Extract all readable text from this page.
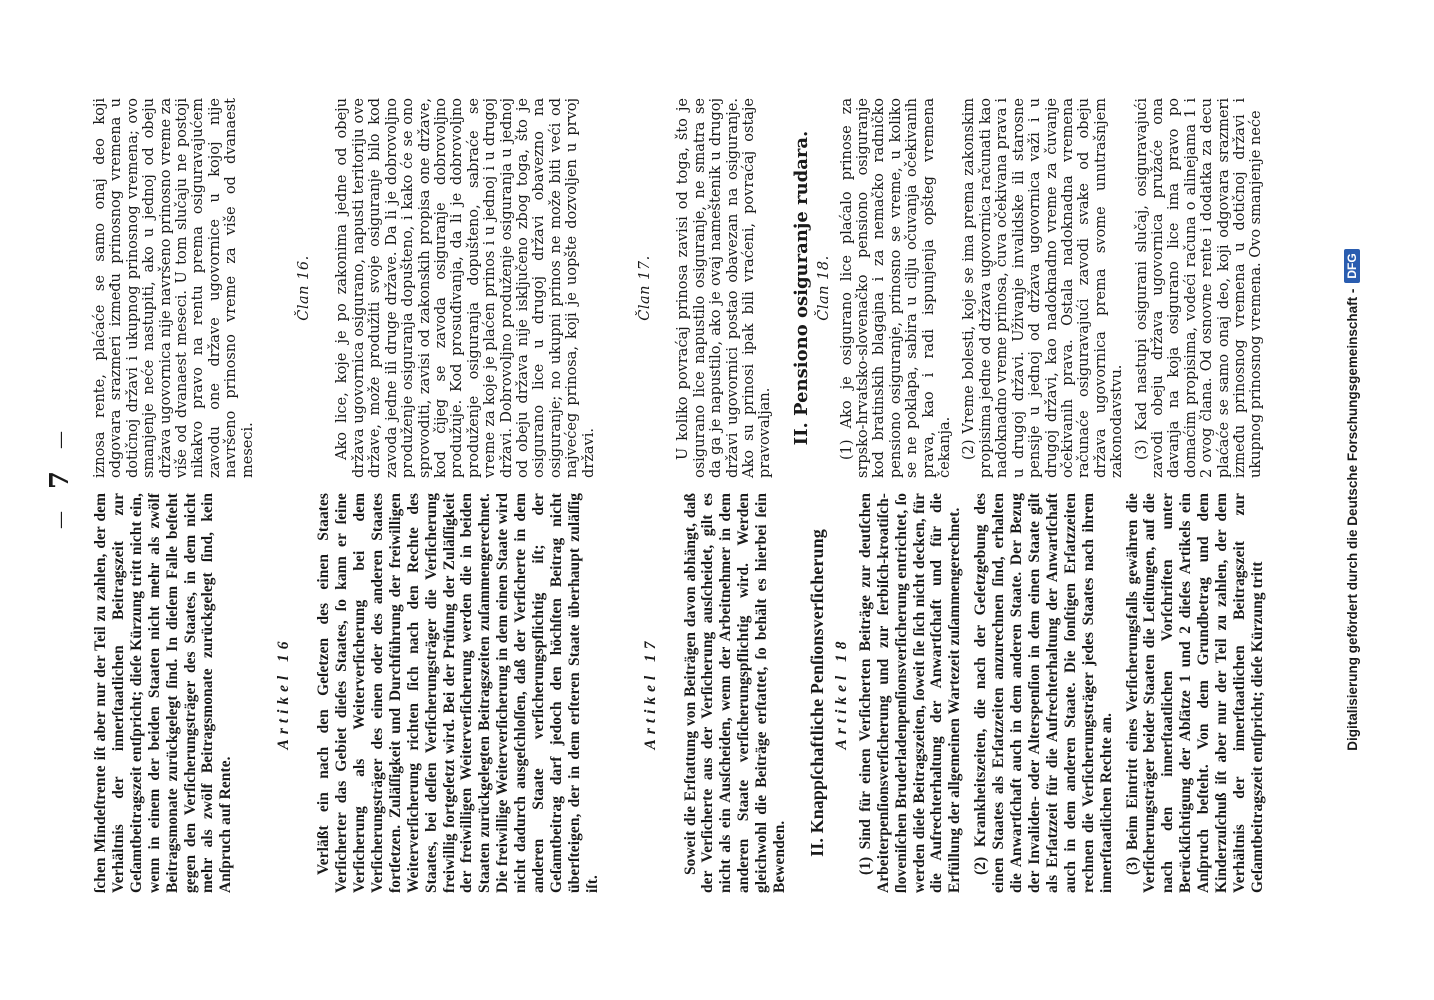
—
7
—

ſchen Mindeſtrente iſt aber nur der Teil zu zahlen, der dem Verhältnis der innerſtaatlichen Beitragszeit zur Geſamtbeitragszeit entſpricht; dieſe Kürzung tritt nicht ein, wenn in einem der beiden Staaten nicht mehr als zwölf Beitragsmonate zurückgelegt ſind. In dieſem Falle beſteht gegen den Verſicherungsträger des Staates, in dem nicht mehr als zwölf Beitragsmonate zurückgelegt ſind, kein Anſpruch auf Rente.

Artikel 16 Verläßt ein nach den Geſetzen des einen Staates Verſicherter das Gebiet dieſes Staates, ſo kann er ſeine Verſicherung als Weiterverſicherung bei dem Verſicherungsträger des einen oder des anderen Staates fortſetzen. Zuläſſigkeit und Durchführung der freiwilligen Weiterverſicherung richten ſich nach den Rechte des Staates, bei deſſen Verſicherungsträger die Verſicherung freiwillig fortgeſetzt wird. Bei der Prüfung der Zuläſſigkeit der freiwilligen Weiterverſicherung werden die in beiden Staaten zurückgelegten Beitragszeiten zuſammengerechnet. Die freiwillige Weiterverſicherung in dem einen Staate wird nicht dadurch ausgeſchloſſen, daß der Verſicherte in dem anderen Staate verſicherungspflichtig iſt; der Geſamtbeitrag darf jedoch den höchſten Beitrag nicht überſteigen, der in dem erſteren Staate überhaupt zuläſſig iſt.

Artikel 17 Soweit die Erſtattung von Beiträgen davon abhängt, daß der Verſicherte aus der Verſicherung ausſcheidet, gilt es nicht als ein Ausſcheiden, wenn der Arbeitnehmer in dem anderen Staate verſicherungspflichtig wird. Werden gleichwohl die Beiträge erſtattet, ſo behält es hierbei ſein Bewenden.

II. Knappſchaftliche Penſionsverſicherung Artikel 18 (1) Sind für einen Verſicherten Beiträge zur deutſchen Arbeiterpenſionsverſicherung und zur ſerbiſch-kroatiſch-ſloveniſchen Bruderladenpenſionsverſicherung entrichtet, ſo werden dieſe Beitragszeiten, ſoweit ſie ſich nicht decken, für die Aufrechterhaltung der Anwartſchaft und für die Erfüllung der allgemeinen Wartezeit zuſammengerechnet. (2) Krankheitszeiten, die nach der Geſetzgebung des einen Staates als Erſatzzeiten anzurechnen ſind, erhalten die Anwartſchaft auch in dem anderen Staate. Der Bezug der Invaliden- oder Alterspenſion in dem einen Staate gilt als Erſatzzeit für die Aufrechterhaltung der Anwartſchaft auch in dem anderen Staate. Die ſonſtigen Erſatzzeiten rechnen die Verſicherungsträger jedes Staates nach ihrem innerſtaatlichen Rechte an. (3) Beim Eintritt eines Verſicherungsfalls gewähren die Verſicherungsträger beider Staaten die Leiſtungen, auf die nach den innerſtaatlichen Vorſchriften unter Berückſichtigung der Abſätze 1 und 2 dieſes Artikels ein Anſpruch beſteht. Von dem Grundbetrag und dem Kinderzuſchuß iſt aber nur der Teil zu zahlen, der dem Verhältnis der innerſtaatlichen Beitragszeit zur Geſamtbeitragszeit entſpricht; dieſe Kürzung tritt

iznosa rente, plaćaće se samo onaj deo koji odgovara srazmeri između prinosnog vremena u dotičnoj državi i ukupnog prinosnog vremena; ovo smanjenje neće nastupiti, ako u jednoj od obeju država ugovornica nije navršeno prinosno vreme za više od dvanaest meseci. U tom slučaju ne postoji nikakvo pravo na rentu prema osiguravajućem zavodu one države ugovornice u kojoj nije navršeno prinosno vreme za više od dvanaest meseci.

Član 16. Ako lice, koje je po zakonima jedne od obeju država ugovornica osigurano, napusti teritoriju ove države, može produžiti svoje osiguranje bilo kod zavoda jedne ili druge države. Da li je dobrovoljno produženje osiguranja dopušteno, i kako će se ono sprovoditi, zavisi od zakonskih propisa one države, kod čijeg se zavoda osiguranje dobrovoljno produžuje. Kod prosuđivanja, da li je dobrovoljno produženje osiguranja dopušteno, sabraće se vreme za koje je plaćen prinos i u jednoj i u drugoj državi. Dobrovoljno produženje osiguranja u jednoj od obeju država nije isključeno zbog toga, što je osigurano lice u drugoj državi obavezno na osiguranje; no ukupni prinos ne može biti veći od najvećeg prinosa, koji je uopšte dozvoljen u prvoj državi.

Član 17. U koliko povraćaj prinosa zavisi od toga, što je osigurano lice napustilo osiguranje, ne smatra se da ga je napustilo, ako je ovaj nameštenik u drugoj državi ugovornici postao obavezan na osiguranje. Ako su prinosi ipak bili vraćeni, povraćaj ostaje pravovaljan. II. Pensiono osiguranje rudara. Član 18. (1) Ako je osigurano lice plaćalo prinose za srpsko-hrvatsko-slovenačko pensiono osiguranje kod bratinskih blagajna i za nemačko radničko pensiono osiguranje, prinosno se vreme, u koliko se ne poklapa, sabira u cilju očuvanja očekivanih prava, kao i radi ispunjenja opšteg vremena čekanja. (2) Vreme bolesti, koje se ima prema zakonskim propisima jedne od država ugovornica računati kao nadoknadno vreme prinosa, čuva očekivana prava i u drugoj državi. Uživanje invalidske ili starosne pensije u jednoj od država ugovornica važi i u drugoj državi, kao nadoknadno vreme za čuvanje očekivanih prava. Ostala nadoknadna vremena računaće osiguravajući zavodi svake od obeju država ugovornica prema svome unutrašnjem zakonodavstvu. (3) Kad nastupi osigurani slučaj, osiguravajući zavodi obeju država ugovornica pružaće ona davanja na koja osigurano lice ima pravo po domaćim propisima, vodeći računa o alinejama 1 i 2 ovog člana. Od osnovne rente i dodatka za decu plaćaće se samo onaj deo, koji odgovara srazmeri između prinosnog vremena u dotičnoj državi i ukupnog prinosnog vremena. Ovo smanjenje neće	Digitalisierung gefördert durch die Deutsche Forschungsgemeinschaft -
DFG
